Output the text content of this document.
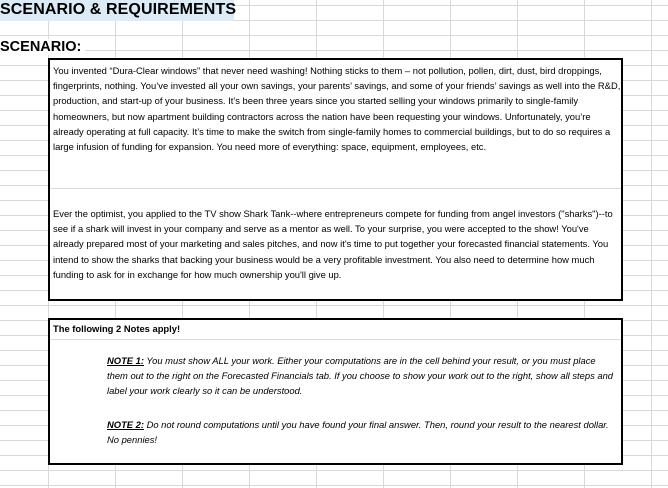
SCENARIO & REQUIREMENTS
SCENARIO:

You invented “Dura-Clear windows” that never need washing! Nothing sticks to them – not pollution, pollen, dirt, dust, bird droppings, fingerprints, nothing. You’ve invested all your own savings, your parents’ savings, and some of your friends’ savings as well into the R&D, production, and start-up of your business. It’s been three years since you started selling your windows primarily to single-family homeowners, but now apartment building contractors across the nation have been requesting your windows. Unfortunately, you’re already operating at full capacity. It’s time to make the switch from single-family homes to commercial buildings, but to do so requires a large infusion of funding for expansion. You need more of everything: space, equipment, employees, etc.

Ever the optimist, you applied to the TV show Shark Tank--where entrepreneurs compete for funding from angel investors ("sharks")--to see if a shark will invest in your company and serve as a mentor as well. To your surprise, you were accepted to the show! You've already prepared most of your marketing and sales pitches, and now it's time to put together your forecasted financial statements. You intend to show the sharks that backing your business would be a very profitable investment. You also need to determine how much funding to ask for in exchange for how much ownership you'll give up.

The following 2 Notes apply!

NOTE 1: You must show ALL your work. Either your computations are in the cell behind your result, or you must place them out to the right on the Forecasted Financials tab. If you choose to show your work out to the right, show all steps and label your work clearly so it can be understood.

NOTE 2: Do not round computations until you have found your final answer. Then, round your result to the nearest dollar. No pennies!
